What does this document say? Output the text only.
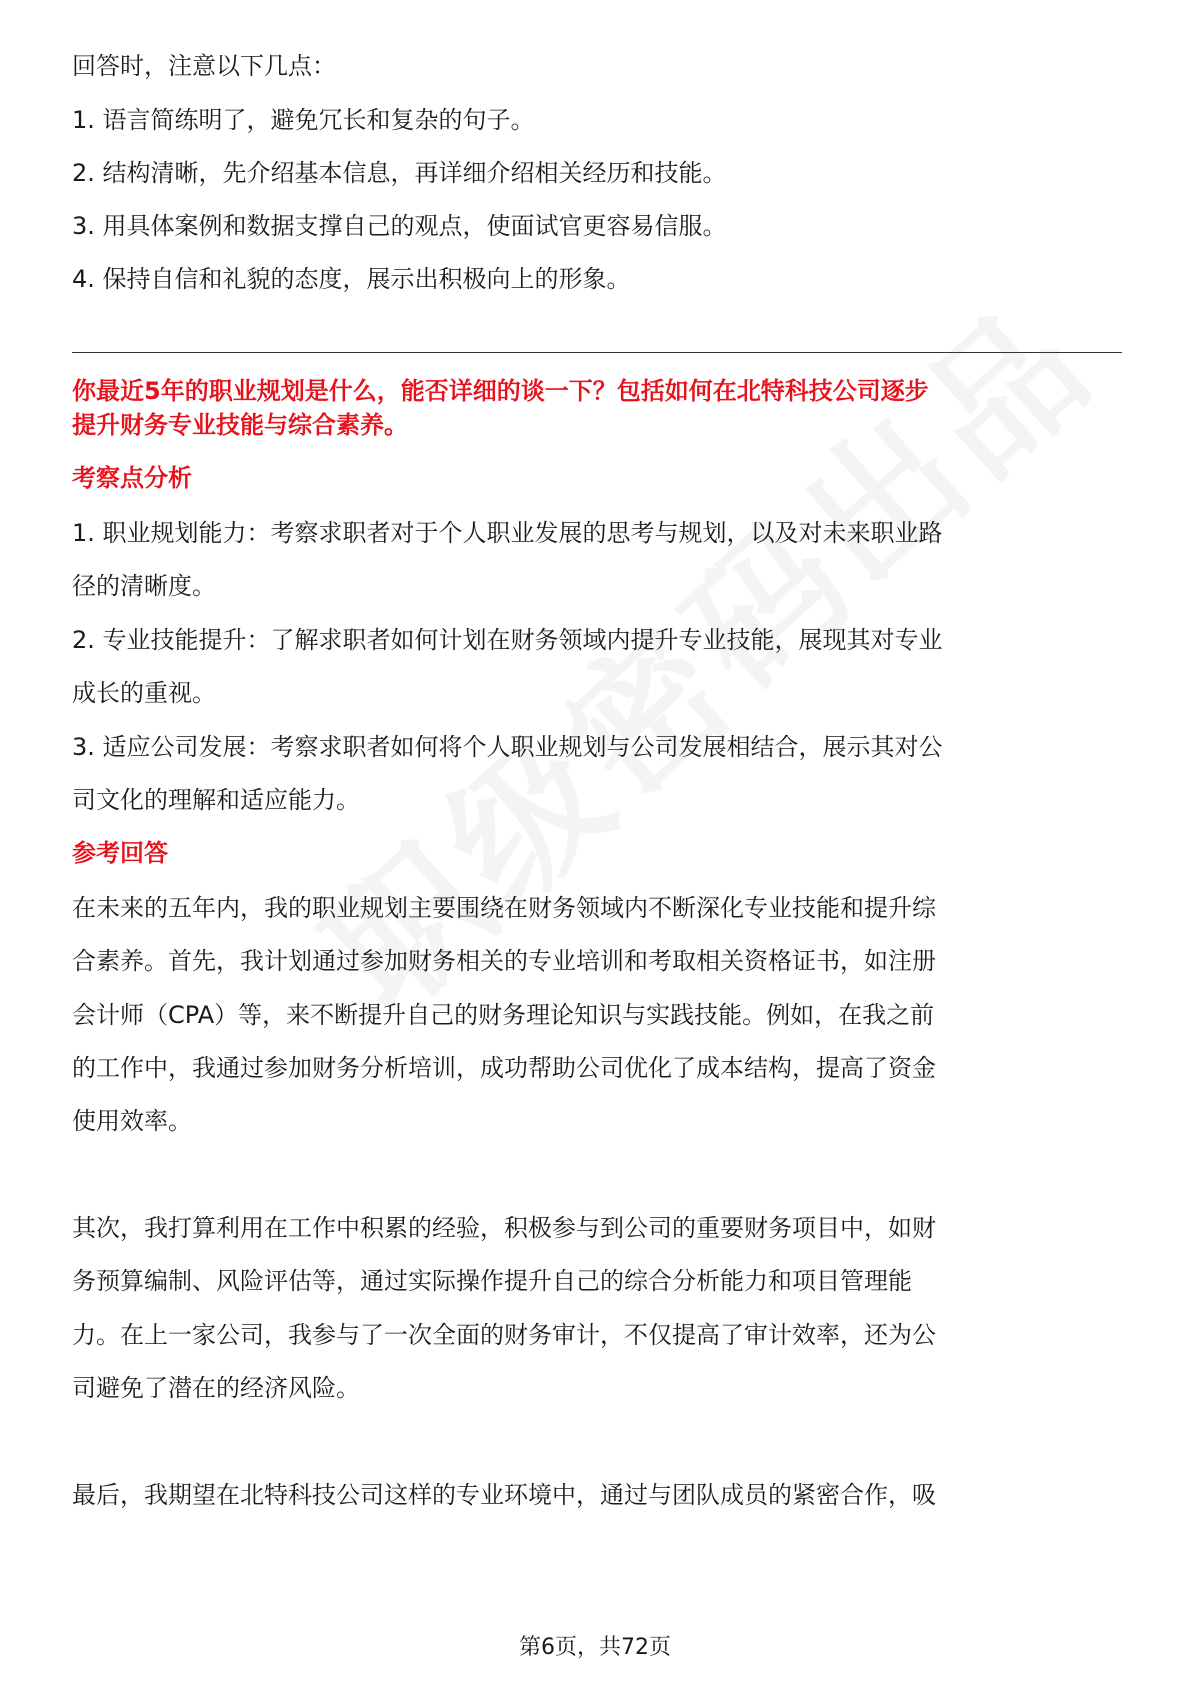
回答时，注意以下几点：
1. 语言简练明了，避免冗长和复杂的句子。
2. 结构清晰，先介绍基本信息，再详细介绍相关经历和技能。
3. 用具体案例和数据支撑自己的观点，使面试官更容易信服。
4. 保持自信和礼貌的态度，展示出积极向上的形象。
你最近5年的职业规划是什么，能否详细的谈一下？包括如何在北特科技公司逐步
提升财务专业技能与综合素养。
考察点分析
1. 职业规划能力：考察求职者对于个人职业发展的思考与规划，以及对未来职业路
径的清晰度。
2. 专业技能提升：了解求职者如何计划在财务领域内提升专业技能，展现其对专业
成长的重视。
3. 适应公司发展：考察求职者如何将个人职业规划与公司发展相结合，展示其对公
司文化的理解和适应能力。
参考回答
在未来的五年内，我的职业规划主要围绕在财务领域内不断深化专业技能和提升综
合素养。首先，我计划通过参加财务相关的专业培训和考取相关资格证书，如注册
会计师（CPA）等，来不断提升自己的财务理论知识与实践技能。例如，在我之前
的工作中，我通过参加财务分析培训，成功帮助公司优化了成本结构，提高了资金
使用效率。
其次，我打算利用在工作中积累的经验，积极参与到公司的重要财务项目中，如财
务预算编制、风险评估等，通过实际操作提升自己的综合分析能力和项目管理能
力。在上一家公司，我参与了一次全面的财务审计，不仅提高了审计效率，还为公
司避免了潜在的经济风险。
最后，我期望在北特科技公司这样的专业环境中，通过与团队成员的紧密合作，吸
第6页，共72页
